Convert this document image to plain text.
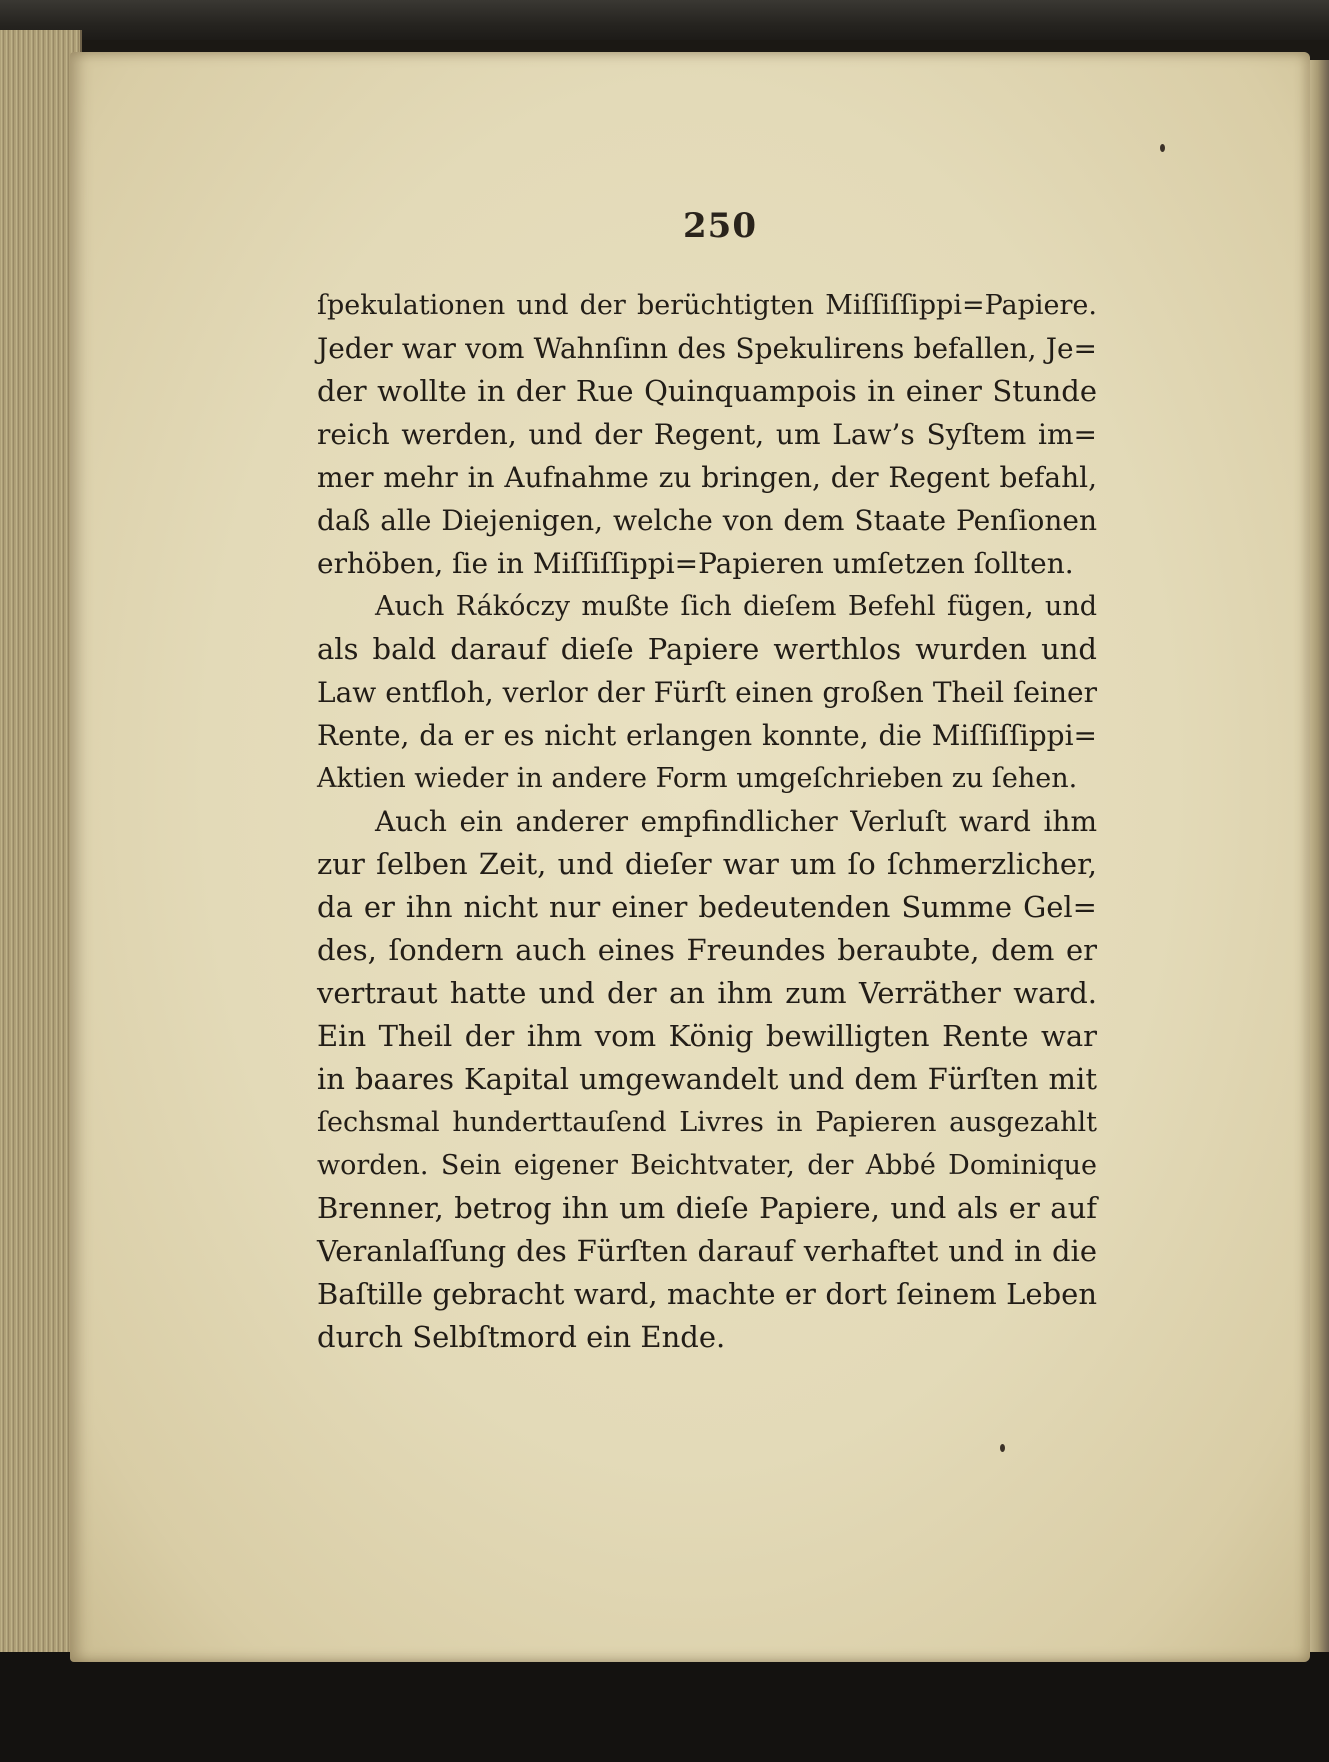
250
ſpekulationen und der berüchtigten Miſſiſſippi=Papiere.
Jeder war vom Wahnſinn des Spekulirens befallen, Je=
der wollte in der Rue Quinquampois in einer Stunde
reich werden, und der Regent, um Law’s Syſtem im=
mer mehr in Aufnahme zu bringen, der Regent befahl,
daß alle Diejenigen, welche von dem Staate Penſionen
erhöben, ſie in Miſſiſſippi=Papieren umſetzen ſollten.
Auch Rákóczy mußte ſich dieſem Befehl fügen, und
als bald darauf dieſe Papiere werthlos wurden und
Law entfloh, verlor der Fürſt einen großen Theil ſeiner
Rente, da er es nicht erlangen konnte, die Miſſiſſippi=
Aktien wieder in andere Form umgeſchrieben zu ſehen.
Auch ein anderer empfindlicher Verluſt ward ihm
zur ſelben Zeit, und dieſer war um ſo ſchmerzlicher,
da er ihn nicht nur einer bedeutenden Summe Gel=
des, ſondern auch eines Freundes beraubte, dem er
vertraut hatte und der an ihm zum Verräther ward.
Ein Theil der ihm vom König bewilligten Rente war
in baares Kapital umgewandelt und dem Fürſten mit
ſechsmal hunderttauſend Livres in Papieren ausgezahlt
worden. Sein eigener Beichtvater, der Abbé Dominique
Brenner, betrog ihn um dieſe Papiere, und als er auf
Veranlaſſung des Fürſten darauf verhaftet und in die
Baſtille gebracht ward, machte er dort ſeinem Leben
durch Selbſtmord ein Ende.
